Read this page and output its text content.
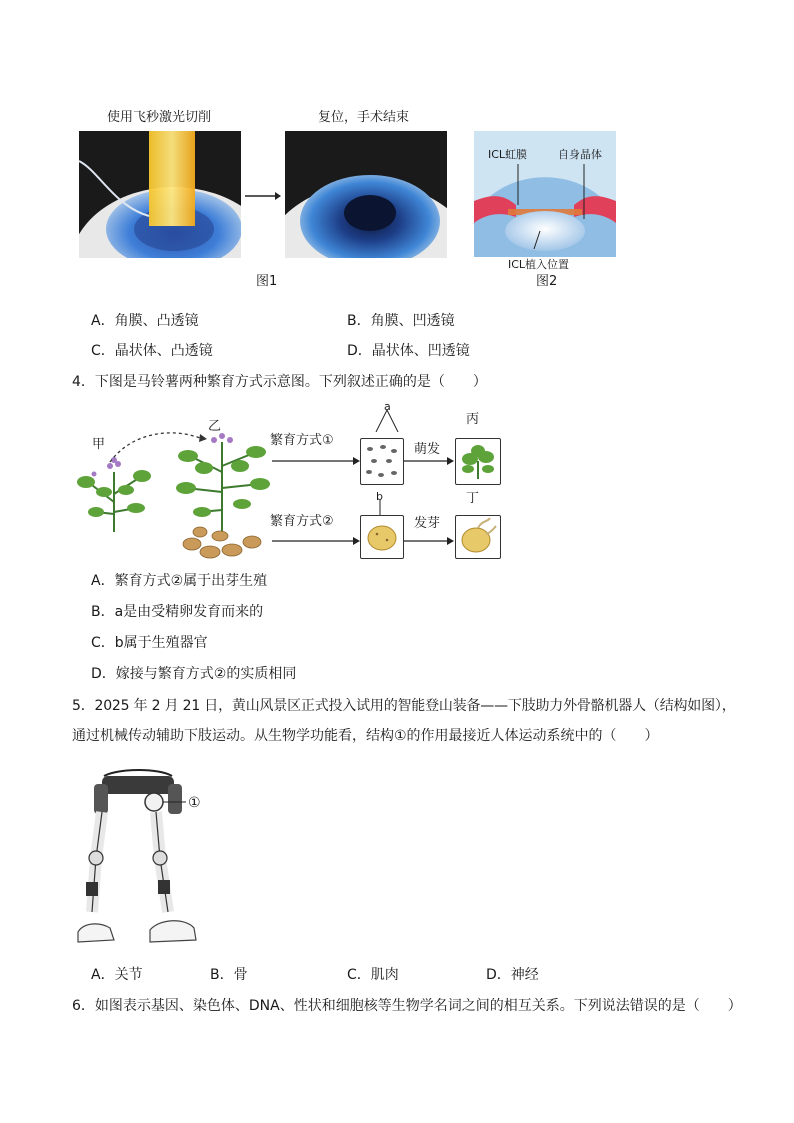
使用飞秒激光切削	复位，手术结束
图1
ICL虹膜	自身晶体
ICL植入位置
图2
A．角膜、凸透镜	B．角膜、凹透镜
C．晶状体、凸透镜	D．晶状体、凹透镜
4．下图是马铃薯两种繁育方式示意图。下列叙述正确的是（　　）
甲
乙
繁育方式①
a
萌发
丙
繁育方式②
b
发芽
丁
A．繁育方式②属于出芽生殖
B．a是由受精卵发育而来的
C．b属于生殖器官
D．嫁接与繁育方式②的实质相同
5．2025 年 2 月 21 日，黄山风景区正式投入试用的智能登山装备——下肢助力外骨骼机器人（结构如图），
通过机械传动辅助下肢运动。从生物学功能看，结构①的作用最接近人体运动系统中的（　　）
①
A．关节	B．骨	C．肌肉	D．神经
6．如图表示基因、染色体、DNA、性状和细胞核等生物学名词之间的相互关系。下列说法错误的是（　　）
